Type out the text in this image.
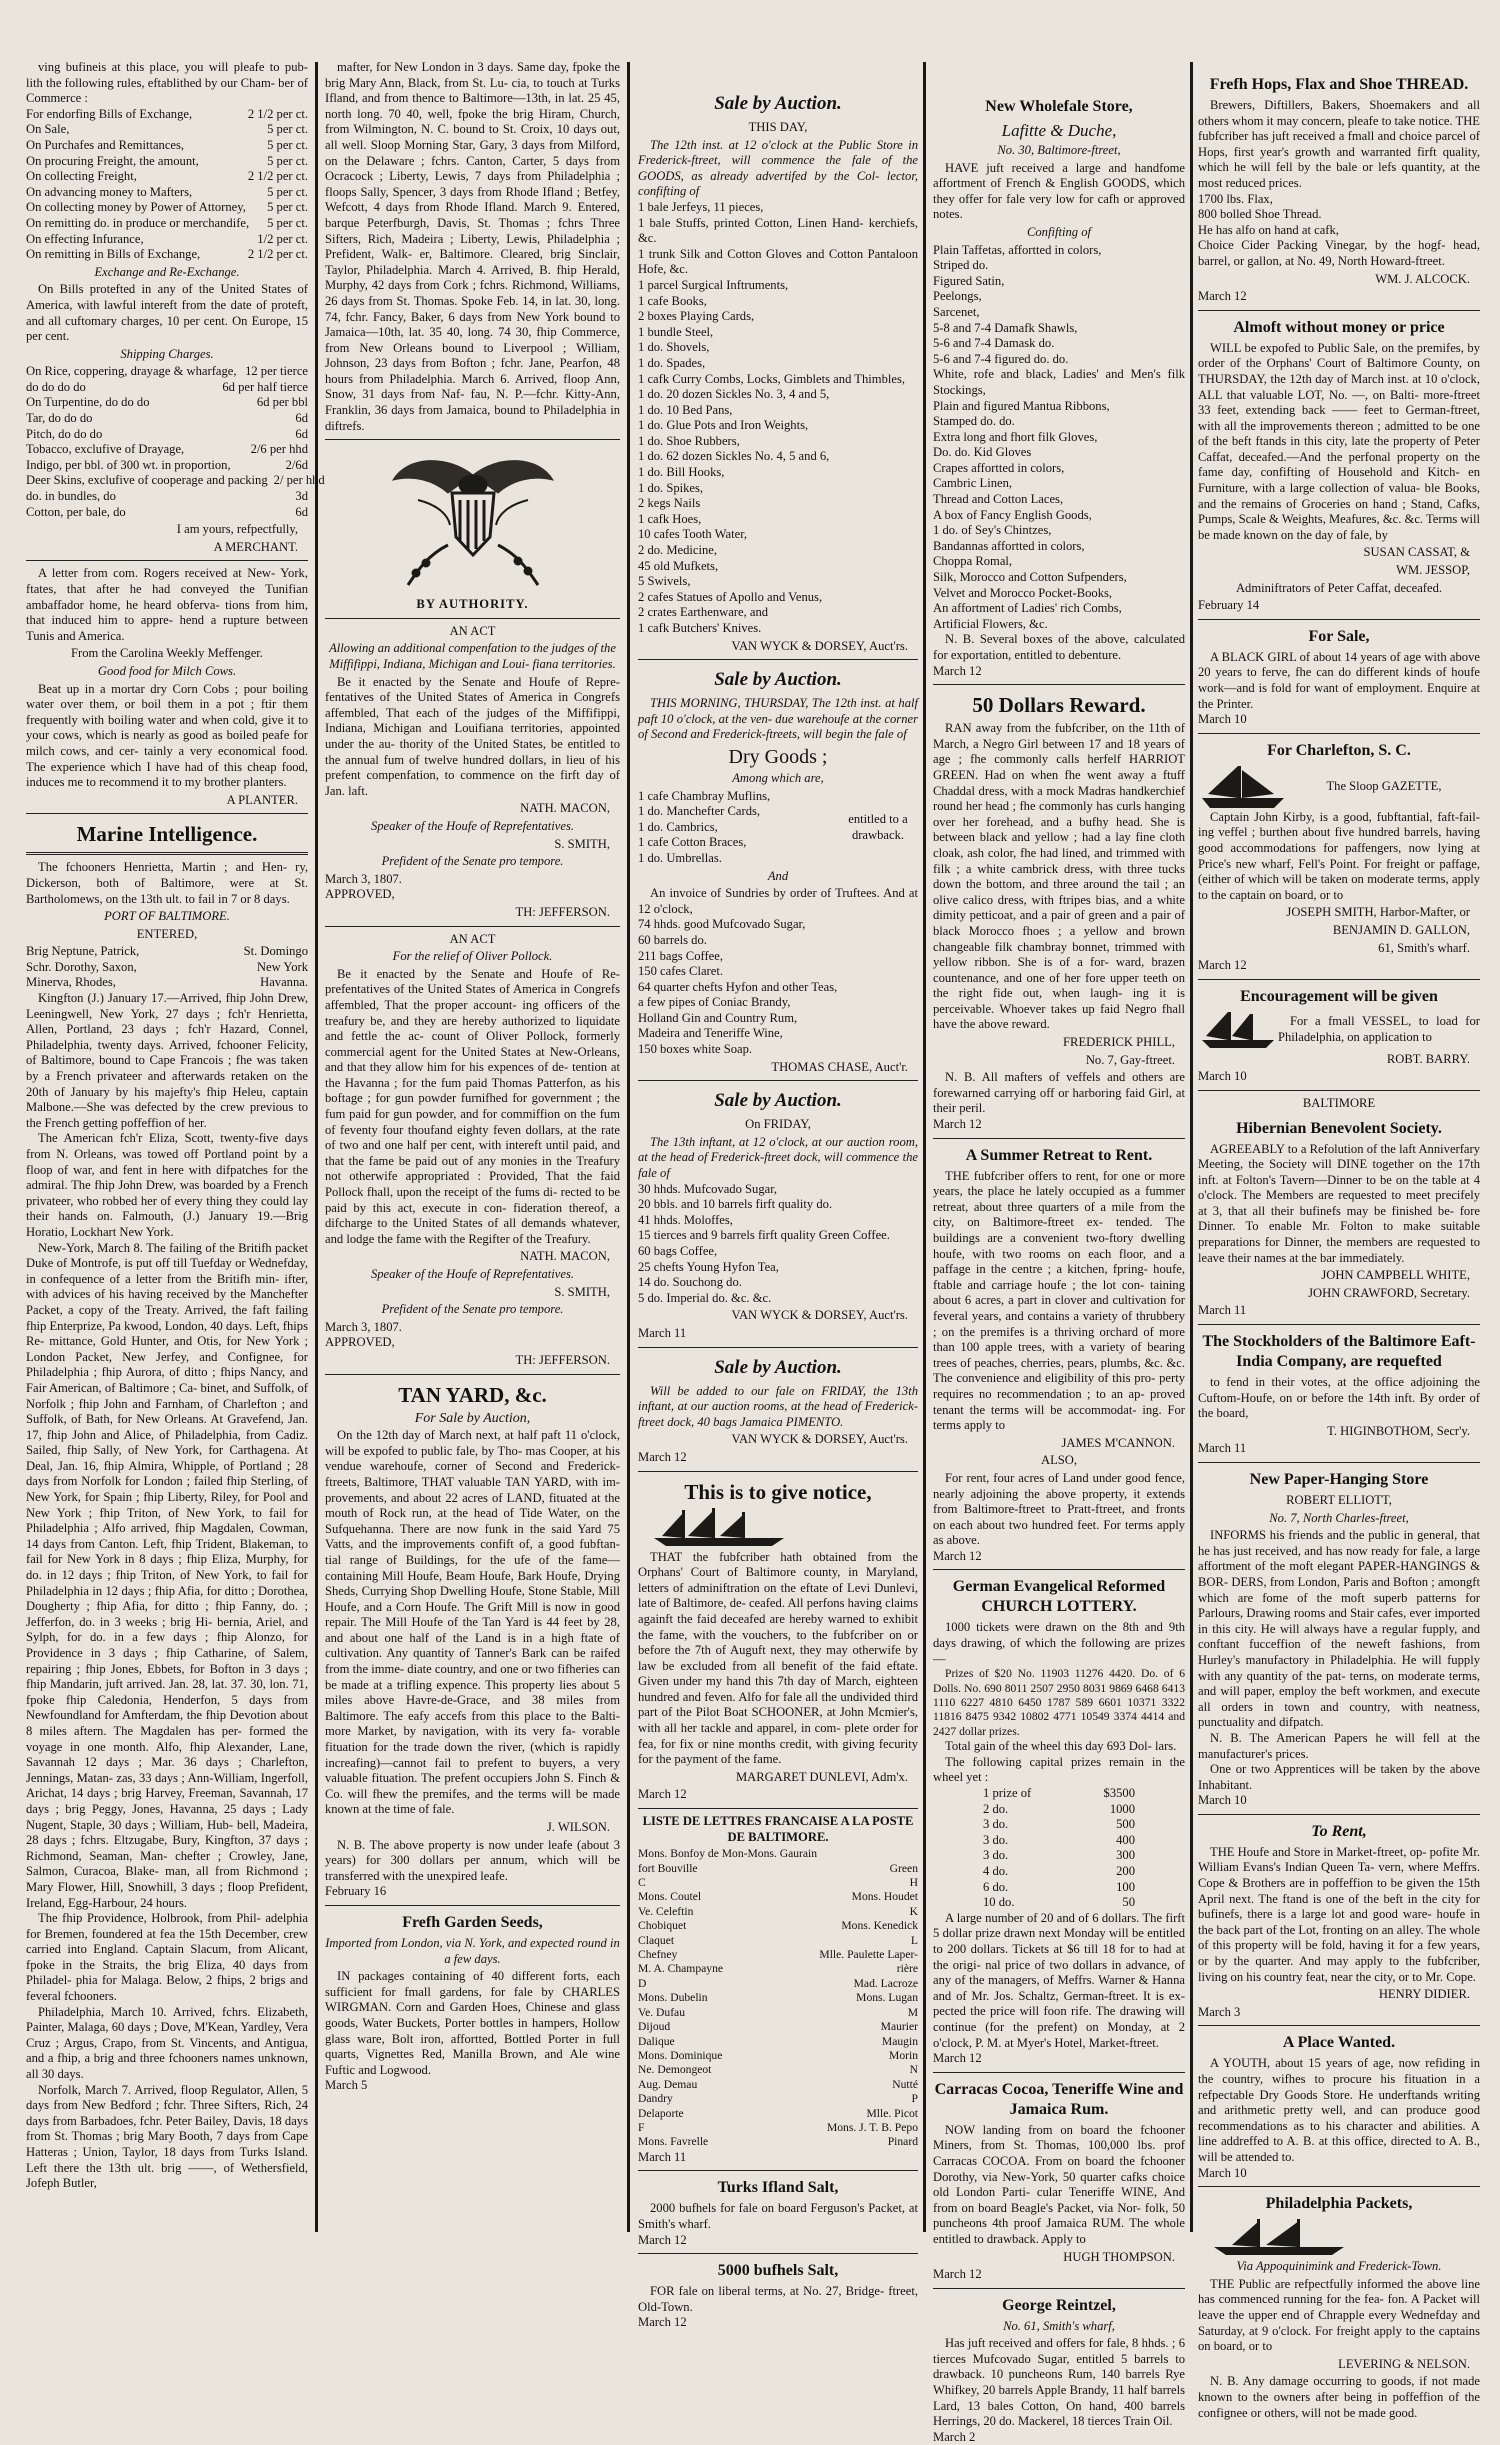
ving bufineis at this place, you will pleafe to pub- lith the following rules, eftablithed by our Cham- ber of Commerce :

For endorfing Bills of Exchange,	2 1/2 per ct.
On Sale,	5 per ct.
On Purchafes and Remittances,	5 per ct.
On procuring Freight, the amount,	5 per ct.
On collecting Freight,	2 1/2 per ct.
On advancing money to Mafters,	5 per ct.
On collecting money by Power of Attorney,	5 per ct.
On remitting do. in produce or merchandife,	5 per ct.
On effecting Infurance,	1/2 per ct.
On remitting in Bills of Exchange,	2 1/2 per ct.
Exchange and Re-Exchange.

On Bills protefted in any of the United States of America, with lawful intereft from the date of proteft, and all cuftomary charges, 10 per cent. On Europe, 15 per cent.

Shipping Charges.
On Rice, coppering, drayage & wharfage, 12 per tierce
do do do do	6d per half tierce
On Turpentine, do do do	6d per bbl
Tar, do do do	6d
Pitch, do do do	6d
Tobacco, exclufive of Drayage,	2/6 per hhd
Indigo, per bbl. of 300 wt. in proportion,	2/6d
Deer Skins, exclufive of cooperage and packing 2/ per hhd
do. in bundles, do	3d
Cotton, per bale, do	6d
I am yours, refpectfully,
A MERCHANT.

A letter from com. Rogers received at New- York, ftates, that after he had conveyed the Tunifian ambaffador home, he heard obferva- tions from him, that induced him to appre- hend a rupture between Tunis and America.

From the Carolina Weekly Meffenger.
Good food for Milch Cows.

Beat up in a mortar dry Corn Cobs ; pour boiling water over them, or boil them in a pot ; ftir them frequently with boiling water and when cold, give it to your cows, which is nearly as good as boiled peafe for milch cows, and cer- tainly a very economical food. The experience which I have had of this cheap food, induces me to recommend it to my brother planters.

A PLANTER.
Marine Intelligence.

The fchooners Henrietta, Martin ; and Hen- ry, Dickerson, both of Baltimore, were at St. Bartholomews, on the 13th ult. to fail in 7 or 8 days.

PORT OF BALTIMORE.
ENTERED,
Brig Neptune, Patrick,	St. Domingo
Schr. Dorothy, Saxon,	New York
Minerva, Rhodes,	Havanna.

Kingfton (J.) January 17.—Arrived, fhip John Drew, Leeningwell, New York, 27 days ; fch'r Henrietta, Allen, Portland, 23 days ; fch'r Hazard, Connel, Philadelphia, twenty days. Arrived, fchooner Felicity, of Baltimore, bound to Cape Francois ; fhe was taken by a French privateer and afterwards retaken on the 20th of January by his majefty's fhip Heleu, captain Malbone.—She was defected by the crew previous to the French getting poffeffion of her.

The American fch'r Eliza, Scott, twenty-five days from N. Orleans, was towed off Portland point by a floop of war, and fent in here with difpatches for the admiral. The fhip John Drew, was boarded by a French privateer, who robbed her of every thing they could lay their hands on. Falmouth, (J.) January 19.—Brig Horatio, Lockhart New York.

New-York, March 8. The failing of the Britifh packet Duke of Montrofe, is put off till Tuefday or Wednefday, in confequence of a letter from the Britifh min- ifter, with advices of his having received by the Manchefter Packet, a copy of the Treaty. Arrived, the faft failing fhip Enterprize, Pa kwood, London, 40 days. Left, fhips Re- mittance, Gold Hunter, and Otis, for New York ; London Packet, New Jerfey, and Confignee, for Philadelphia ; fhip Aurora, of ditto ; fhips Nancy, and Fair American, of Baltimore ; Ca- binet, and Suffolk, of Norfolk ; fhip John and Farnham, of Charlefton ; and Suffolk, of Bath, for New Orleans. At Gravefend, Jan. 17, fhip John and Alice, of Philadelphia, from Cadiz. Sailed, fhip Sally, of New York, for Carthagena. At Deal, Jan. 16, fhip Almira, Whipple, of Portland ; 28 days from Norfolk for London ; failed fhip Sterling, of New York, for Spain ; fhip Liberty, Riley, for Pool and New York ; fhip Triton, of New York, to fail for Philadelphia ; Alfo arrived, fhip Magdalen, Cowman, 14 days from Canton. Left, fhip Trident, Blakeman, to fail for New York in 8 days ; fhip Eliza, Murphy, for do. in 12 days ; fhip Triton, of New York, to fail for Philadelphia in 12 days ; fhip Afia, for ditto ; Dorothea, Dougherty ; fhip Afia, for ditto ; fhip Fanny, do. ; Jefferfon, do. in 3 weeks ; brig Hi- bernia, Ariel, and Sylph, for do. in a few days ; fhip Alonzo, for Providence in 3 days ; fhip Catharine, of Salem, repairing ; fhip Jones, Ebbets, for Bofton in 3 days ; fhip Mandarin, juft arrived. Jan. 28, lat. 37. 30, lon. 71, fpoke fhip Caledonia, Henderfon, 5 days from Newfoundland for Amfterdam, the fhip Devotion about 8 miles aftern. The Magdalen has per- formed the voyage in one month. Alfo, fhip Alexander, Lane, Savannah 12 days ; Mar. 36 days ; Charlefton, Jennings, Matan- zas, 33 days ; Ann-William, Ingerfoll, Arichat, 14 days ; brig Harvey, Freeman, Savannah, 17 days ; brig Peggy, Jones, Havanna, 25 days ; Lady Nugent, Staple, 30 days ; William, Hub- bell, Madeira, 28 days ; fchrs. Eltzugabe, Bury, Kingfton, 37 days ; Richmond, Seaman, Man- chefter ; Crowley, Jane, Salmon, Curacoa, Blake- man, all from Richmond ; Mary Flower, Hill, Snowhill, 3 days ; floop Prefident, Ireland, Egg-Harbour, 24 hours.

The fhip Providence, Holbrook, from Phil- adelphia for Bremen, foundered at fea the 15th December, crew carried into England. Captain Slacum, from Alicant, fpoke in the Straits, the brig Eliza, 40 days from Philadel- phia for Malaga. Below, 2 fhips, 2 brigs and feveral fchooners.

Philadelphia, March 10. Arrived, fchrs. Elizabeth, Painter, Malaga, 60 days ; Dove, M'Kean, Yardley, Vera Cruz ; Argus, Crapo, from St. Vincents, and Antigua, and a fhip, a brig and three fchooners names unknown, all 30 days.

Norfolk, March 7. Arrived, floop Regulator, Allen, 5 days from New Bedford ; fchr. Three Sifters, Rich, 24 days from Barbadoes, fchr. Peter Bailey, Davis, 18 days from St. Thomas ; brig Mary Booth, 7 days from Cape Hatteras ; Union, Taylor, 18 days from Turks Island. Left there the 13th ult. brig ——, of Wethersfield, Jofeph Butler,

mafter, for New London in 3 days. Same day, fpoke the brig Mary Ann, Black, from St. Lu- cia, to touch at Turks Ifland, and from thence to Baltimore—13th, in lat. 25 45, north long. 70 40, well, fpoke the brig Hiram, Church, from Wilmington, N. C. bound to St. Croix, 10 days out, all well. Sloop Morning Star, Gary, 3 days from Milford, on the Delaware ; fchrs. Canton, Carter, 5 days from Ocracock ; Liberty, Lewis, 7 days from Philadelphia ; floops Sally, Spencer, 3 days from Rhode Ifland ; Betfey, Wefcott, 4 days from Rhode Ifland. March 9. Entered, barque Peterfburgh, Davis, St. Thomas ; fchrs Three Sifters, Rich, Madeira ; Liberty, Lewis, Philadelphia ; Prefident, Walk- er, Baltimore. Cleared, brig Sinclair, Taylor, Philadelphia. March 4. Arrived, B. fhip Herald, Murphy, 42 days from Cork ; fchrs. Richmond, Williams, 26 days from St. Thomas. Spoke Feb. 14, in lat. 30, long. 74, fchr. Fancy, Baker, 6 days from New York bound to Jamaica—10th, lat. 35 40, long. 74 30, fhip Commerce, from New Orleans bound to Liverpool ; William, Johnson, 23 days from Bofton ; fchr. Jane, Pearfon, 48 hours from Philadelphia. March 6. Arrived, floop Ann, Snow, 31 days from Naf- fau, N. P.—fchr. Kitty-Ann, Franklin, 36 days from Jamaica, bound to Philadelphia in diftrefs.

BY AUTHORITY.
AN ACT
Allowing an additional compenfation to the judges of the Miffifippi, Indiana, Michigan and Loui- fiana territories.

Be it enacted by the Senate and Houfe of Repre- fentatives of the United States of America in Congrefs affembled, That each of the judges of the Miffifippi, Indiana, Michigan and Louifiana territories, appointed under the au- thority of the United States, be entitled to the annual fum of twelve hundred dollars, in lieu of his prefent compenfation, to commence on the firft day of Jan. laft.

NATH. MACON,
Speaker of the Houfe of Reprefentatives.
S. SMITH,
Prefident of the Senate pro tempore.
March 3, 1807.
APPROVED,
TH: JEFFERSON.
AN ACT
For the relief of Oliver Pollock.

Be it enacted by the Senate and Houfe of Re- prefentatives of the United States of America in Congrefs affembled, That the proper account- ing officers of the treafury be, and they are hereby authorized to liquidate and fettle the ac- count of Oliver Pollock, formerly commercial agent for the United States at New-Orleans, and that they allow him for his expences of de- tention at the Havanna ; for the fum paid Thomas Patterfon, as his boftage ; for gun powder furnifhed for government ; the fum paid for gun powder, and for commiffion on the fum of feventy four thoufand eighty feven dollars, at the rate of two and one half per cent, with intereft until paid, and that the fame be paid out of any monies in the Treafury not otherwife appropriated : Provided, That the faid Pollock fhall, upon the receipt of the fums di- rected to be paid by this act, execute in con- fideration thereof, a difcharge to the United States of all demands whatever, and lodge the fame with the Regifter of the Treafury.

NATH. MACON,
Speaker of the Houfe of Reprefentatives.
S. SMITH,
Prefident of the Senate pro tempore.
March 3, 1807.
APPROVED,
TH: JEFFERSON.
TAN YARD, &c.
For Sale by Auction,

On the 12th day of March next, at half paft 11 o'clock, will be expofed to public fale, by Tho- mas Cooper, at his vendue warehoufe, corner of Second and Frederick-ftreets, Baltimore, THAT valuable TAN YARD, with im- provements, and about 22 acres of LAND, fituated at the mouth of Rock run, at the head of Tide Water, on the Sufquehanna. There are now funk in the said Yard 75 Vatts, and the improvements confift of, a good fubftan- tial range of Buildings, for the ufe of the fame—containing Mill Houfe, Beam Houfe, Bark Houfe, Drying Sheds, Currying Shop Dwelling Houfe, Stone Stable, Mill Houfe, and a Corn Houfe. The Grift Mill is now in good repair. The Mill Houfe of the Tan Yard is 44 feet by 28, and about one half of the Land is in a high ftate of cultivation. Any quantity of Tanner's Bark can be raifed from the imme- diate country, and one or two fifheries can be made at a trifling expence. This property lies about 5 miles above Havre-de-Grace, and 38 miles from Baltimore. The eafy accefs from this place to the Balti- more Market, by navigation, with its very fa- vorable fituation for the trade down the river, (which is rapidly increafing)—cannot fail to prefent to buyers, a very valuable fituation. The prefent occupiers John S. Finch & Co. will fhew the premifes, and the terms will be made known at the time of fale.

J. WILSON.

N. B. The above property is now under leafe (about 3 years) for 300 dollars per annum, which will be transferred with the unexpired leafe.

February 16
Frefh Garden Seeds,
Imported from London, via N. York, and expected round in a few days.

IN packages containing of 40 different forts, each sufficient for fmall gardens, for fale by CHARLES WIRGMAN. Corn and Garden Hoes, Chinese and glass goods, Water Buckets, Porter bottles in hampers, Hollow glass ware, Bolt iron, affortted, Bottled Porter in full quarts, Vignettes Red, Manilla Brown, and Ale wine Fuftic and Logwood.

March 5
Sale by Auction.
THIS DAY,

The 12th inst. at 12 o'clock at the Public Store in Frederick-ftreet, will commence the fale of the GOODS, as already advertifed by the Col- lector, confifting of

1 bale Jerfeys, 11 pieces,
1 bale Stuffs, printed Cotton, Linen Hand- kerchiefs, &c.
1 trunk Silk and Cotton Gloves and Cotton Pantaloon Hofe, &c.
1 parcel Surgical Inftruments,
1 cafe Books,
2 boxes Playing Cards,
1 bundle Steel,
1 do. Shovels,
1 do. Spades,
1 cafk Curry Combs, Locks, Gimblets and Thimbles,
1 do. 20 dozen Sickles No. 3, 4 and 5,
1 do. 10 Bed Pans,
1 do. Glue Pots and Iron Weights,
1 do. Shoe Rubbers,
1 do. 62 dozen Sickles No. 4, 5 and 6,
1 do. Bill Hooks,
1 do. Spikes,
2 kegs Nails
1 cafk Hoes,
10 cafes Tooth Water,
2 do. Medicine,
45 old Mufkets,
5 Swivels,
2 cafes Statues of Apollo and Venus,
2 crates Earthenware, and
1 cafk Butchers' Knives.
VAN WYCK & DORSEY, Auct'rs.
Sale by Auction.

THIS MORNING, THURSDAY, The 12th inst. at half paft 10 o'clock, at the ven- due warehoufe at the corner of Second and Frederick-ftreets, will begin the fale of

Dry Goods ;
Among which are,
1 cafe Chambray Muflins,
1 do. Manchefter Cards,
1 do. Cambrics,
1 cafe Cotton Braces,
1 do. Umbrellas.
entitled to a drawback.
And

An invoice of Sundries by order of Truftees. And at 12 o'clock,

74 hhds. good Mufcovado Sugar,
60 barrels do.
211 bags Coffee,
150 cafes Claret.
64 quarter chefts Hyfon and other Teas,
a few pipes of Coniac Brandy,
Holland Gin and Country Rum,
Madeira and Teneriffe Wine,
150 boxes white Soap.
THOMAS CHASE, Auct'r.
Sale by Auction.
On FRIDAY,

The 13th inftant, at 12 o'clock, at our auction room, at the head of Frederick-ftreet dock, will commence the fale of

30 hhds. Mufcovado Sugar,
20 bbls. and 10 barrels firft quality do.
41 hhds. Moloffes,
15 tierces and 9 barrels firft quality Green Coffee.
60 bags Coffee,
25 chefts Young Hyfon Tea,
14 do. Souchong do.
5 do. Imperial do. &c. &c.
VAN WYCK & DORSEY, Auct'rs.
March 11
Sale by Auction.

Will be added to our fale on FRIDAY, the 13th inftant, at our auction rooms, at the head of Frederick-ftreet dock, 40 bags Jamaica PIMENTO.

VAN WYCK & DORSEY, Auct'rs.
March 12
This is to give notice,

THAT the fubfcriber hath obtained from the Orphans' Court of Baltimore county, in Maryland, letters of adminiftration on the eftate of Levi Dunlevi, late of Baltimore, de- ceafed. All perfons having claims againft the faid deceafed are hereby warned to exhibit the fame, with the vouchers, to the fubfcriber on or before the 7th of Auguft next, they may otherwife by law be excluded from all benefit of the faid eftate. Given under my hand this 7th day of March, eighteen hundred and feven. Alfo for fale all the undivided third part of the Pilot Boat SCHOONER, at John Mcmier's, with all her tackle and apparel, in com- plete order for fea, for fix or nine months credit, with giving fecurity for the payment of the fame.

MARGARET DUNLEVI, Adm'x.
March 12
LISTE DE LETTRES FRANCAISE A LA POSTE DE BALTIMORE.
Mons. Bonfoy de Mon-Mons. Gaurain
fort Bouville	Green
C	H
Mons. Coutel	Mons. Houdet
Ve. Celeftin	K
Chobiquet	Mons. Kenedick
Claquet	L
Chefney	Mlle. Paulette Laper-
M. A. Champayne	rière
D	Mad. Lacroze
Mons. Dubelin	Mons. Lugan
Ve. Dufau	M
Dijoud	Maurier
Dalique	Maugin
Mons. Dominique	Morin
Ne. Demongeot	N
Aug. Demau	Nutté
Dandry	P
Delaporte	Mlle. Picot
F	Mons. J. T. B. Pepo
Mons. Favrelle	Pinard
March 11
Turks Ifland Salt,

2000 bufhels for fale on board Ferguson's Packet, at Smith's wharf.

March 12
5000 bufhels Salt,

FOR fale on liberal terms, at No. 27, Bridge- ftreet, Old-Town.

March 12
New Wholefale Store,
Lafitte & Duche,
No. 30, Baltimore-ftreet,

HAVE juft received a large and handfome affortment of French & English GOODS, which they offer for fale very low for cafh or approved notes.

Confifting of
Plain Taffetas, affortted in colors,
Striped do.
Figured Satin,
Peelongs,
Sarcenet,
5-8 and 7-4 Damafk Shawls,
5-6 and 7-4 Damask do.
5-6 and 7-4 figured do. do.
White, rofe and black, Ladies' and Men's filk Stockings,
Plain and figured Mantua Ribbons,
Stamped do. do.
Extra long and fhort filk Gloves,
Do. do. Kid Gloves
Crapes affortted in colors,
Cambric Linen,
Thread and Cotton Laces,
A box of Fancy English Goods,
1 do. of Sey's Chintzes,
Bandannas affortted in colors,
Choppa Romal,
Silk, Morocco and Cotton Sufpenders,
Velvet and Morocco Pocket-Books,
An affortment of Ladies' rich Combs,
Artificial Flowers, &c.

N. B. Several boxes of the above, calculated for exportation, entitled to debenture.

March 12
50 Dollars Reward.

RAN away from the fubfcriber, on the 11th of March, a Negro Girl between 17 and 18 years of age ; fhe commonly calls herfelf HARRIOT GREEN. Had on when fhe went away a ftuff Chaddal dress, with a mock Madras handkerchief round her head ; fhe commonly has curls hanging over her forehead, and a bufhy head. She is between black and yellow ; had a lay fine cloth cloak, ash color, fhe had lined, and trimmed with filk ; a white cambrick dress, with three tucks down the bottom, and three around the tail ; an olive calico dress, with ftripes bias, and a white dimity petticoat, and a pair of green and a pair of black Morocco fhoes ; a yellow and brown changeable filk chambray bonnet, trimmed with yellow ribbon. She is of a for- ward, brazen countenance, and one of her fore upper teeth on the right fide out, when laugh- ing it is perceivable. Whoever takes up faid Negro fhall have the above reward.

FREDERICK PHILL,
No. 7, Gay-ftreet.

N. B. All mafters of veffels and others are forewarned carrying off or harboring faid Girl, at their peril.

March 12
A Summer Retreat to Rent.

THE fubfcriber offers to rent, for one or more years, the place he lately occupied as a fummer retreat, about three quarters of a mile from the city, on Baltimore-ftreet ex- tended. The buildings are a convenient two-ftory dwelling houfe, with two rooms on each floor, and a paffage in the centre ; a kitchen, fpring- houfe, ftable and carriage houfe ; the lot con- taining about 6 acres, a part in clover and cultivation for feveral years, and contains a variety of thrubbery ; on the premifes is a thriving orchard of more than 100 apple trees, with a variety of bearing trees of peaches, cherries, pears, plumbs, &c. &c. The convenience and eligibility of this pro- perty requires no recommendation ; to an ap- proved tenant the terms will be accommodat- ing. For terms apply to

JAMES M'CANNON.
ALSO,

For rent, four acres of Land under good fence, nearly adjoining the above property, it extends from Baltimore-ftreet to Pratt-ftreet, and fronts on each about two hundred feet. For terms apply as above.

March 12
German Evangelical Reformed CHURCH LOTTERY.

1000 tickets were drawn on the 8th and 9th days drawing, of which the following are prizes—

Prizes of $20 No. 11903 11276 4420. Do. of 6 Dolls. No. 690 8011 2507 2950 8031 9869 6468 6413 1110 6227 4810 6450 1787 589 6601 10371 3322 11816 8475 9342 10802 4771 10549 3374 4414 and 2427 dollar prizes.

Total gain of the wheel this day 693 Dol- lars.

The following capital prizes remain in the wheel yet :

1 prize of	$3500
2 do.	1000
3 do.	500
3 do.	400
3 do.	300
4 do.	200
6 do.	100
10 do.	50

A large number of 20 and of 6 dollars. The firft 5 dollar prize drawn next Monday will be entitled to 200 dollars. Tickets at $6 till 18 for to had at the origi- nal price of two dollars in advance, of any of the managers, of Meffrs. Warner & Hanna and of Mr. Jos. Schaltz, German-ftreet. It is ex- pected the price will foon rife. The drawing will continue (for the prefent) on Monday, at 2 o'clock, P. M. at Myer's Hotel, Market-ftreet.

March 12
Carracas Cocoa, Teneriffe Wine and Jamaica Rum.

NOW landing from on board the fchooner Miners, from St. Thomas, 100,000 lbs. prof Carracas COCOA. From on board the fchooner Dorothy, via New-York, 50 quarter cafks choice old London Parti- cular Teneriffe WINE, And from on board Beagle's Packet, via Nor- folk, 50 puncheons 4th proof Jamaica RUM. The whole entitled to drawback. Apply to

HUGH THOMPSON.
March 12
George Reintzel,
No. 61, Smith's wharf,

Has juft received and offers for fale, 8 hhds. ; 6 tierces Mufcovado Sugar, entitled 5 barrels to drawback. 10 puncheons Rum, 140 barrels Rye Whifkey, 20 barrels Apple Brandy, 11 half barrels Lard, 13 bales Cotton, On hand, 400 barrels Herrings, 20 do. Mackerel, 18 tierces Train Oil.

March 2
Frefh Hops, Flax and Shoe THREAD.

Brewers, Diftillers, Bakers, Shoemakers and all others whom it may concern, pleafe to take notice. THE fubfcriber has juft received a fmall and choice parcel of Hops, first year's growth and warranted firft quality, which he will fell by the bale or lefs quantity, at the most reduced prices.

1700 lbs. Flax,
800 bolled Shoe Thread.
He has alfo on hand at cafk,
Choice Cider Packing Vinegar, by the hogf- head, barrel, or gallon, at No. 49, North Howard-ftreet.
WM. J. ALCOCK.
March 12
Almoft without money or price

WILL be expofed to Public Sale, on the premifes, by order of the Orphans' Court of Baltimore County, on THURSDAY, the 12th day of March inst. at 10 o'clock, ALL that valuable LOT, No. —, on Balti- more-ftreet 33 feet, extending back —— feet to German-ftreet, with all the improvements thereon ; admitted to be one of the beft ftands in this city, late the property of Peter Caffat, deceafed.—And the perfonal property on the fame day, confifting of Household and Kitch- en Furniture, with a large collection of valua- ble Books, and the remains of Groceries on hand ; Stand, Cafks, Pumps, Scale & Weights, Meafures, &c. &c. Terms will be made known on the day of fale, by

SUSAN CASSAT, &
WM. JESSOP,
Adminiftrators of Peter Caffat, deceafed.
February 14
For Sale,

A BLACK GIRL of about 14 years of age with above 20 years to ferve, fhe can do different kinds of houfe work—and is fold for want of employment. Enquire at the Printer.

March 10
For Charlefton, S. C.
The Sloop GAZETTE,

Captain John Kirby, is a good, fubftantial, faft-fail- ing veffel ; burthen about five hundred barrels, having good accommodations for paffengers, now lying at Price's new wharf, Fell's Point. For freight or paffage, (either of which will be taken on moderate terms, apply to the captain on board, or to

JOSEPH SMITH, Harbor-Mafter, or
BENJAMIN D. GALLON,
61, Smith's wharf.
March 12
Encouragement will be given

For a fmall VESSEL, to load for Philadelphia, on application to

ROBT. BARRY.
March 10
BALTIMORE
Hibernian Benevolent Society.

AGREEABLY to a Refolution of the laft Anniverfary Meeting, the Society will DINE together on the 17th inft. at Folton's Tavern—Dinner to be on the table at 4 o'clock. The Members are requested to meet precifely at 3, that all their bufinefs may be finished be- fore Dinner. To enable Mr. Folton to make suitable preparations for Dinner, the members are requested to leave their names at the bar immediately.

JOHN CAMPBELL WHITE,
JOHN CRAWFORD, Secretary.
March 11
The Stockholders of the Baltimore Eaft-India Company, are requefted

to fend in their votes, at the office adjoining the Cuftom-Houfe, on or before the 14th inft. By order of the board,

T. HIGINBOTHOM, Secr'y.
March 11
New Paper-Hanging Store
ROBERT ELLIOTT,
No. 7, North Charles-ftreet,

INFORMS his friends and the public in general, that he has just received, and has now ready for fale, a large affortment of the moft elegant PAPER-HANGINGS & BOR- DERS, from London, Paris and Bofton ; amongft which are fome of the moft superb patterns for Parlours, Drawing rooms and Stair cafes, ever imported in this city. He will always have a regular fupply, and conftant fucceffion of the neweft fashions, from Hurley's manufactory in Philadelphia. He will fupply with any quantity of the pat- terns, on moderate terms, and will paper, employ the beft workmen, and execute all orders in town and country, with neatness, punctuality and difpatch.

N. B. The American Papers he will fell at the manufacturer's prices.

One or two Apprentices will be taken by the above Inhabitant.

March 10
To Rent,

THE Houfe and Store in Market-ftreet, op- pofite Mr. William Evans's Indian Queen Ta- vern, where Meffrs. Cope & Brothers are in poffeffion to be given the 15th April next. The ftand is one of the beft in the city for bufinefs, there is a large lot and good ware- houfe in the back part of the Lot, fronting on an alley. The whole of this property will be fold, having it for a few years, or by the quarter. And may apply to the fubfcriber, living on his country feat, near the city, or to Mr. Cope.

HENRY DIDIER.
March 3
A Place Wanted.

A YOUTH, about 15 years of age, now refiding in the country, wifhes to procure his fituation in a refpectable Dry Goods Store. He underftands writing and arithmetic pretty well, and can produce good recommendations as to his character and abilities. A line addreffed to A. B. at this office, directed to A. B., will be attended to.

March 10
Philadelphia Packets,
Via Appoquinimink and Frederick-Town.

THE Public are refpectfully informed the above line has commenced running for the fea- fon. A Packet will leave the upper end of Chrapple every Wednefday and Saturday, at 9 o'clock. For freight apply to the captains on board, or to

LEVERING & NELSON.

N. B. Any damage occurring to goods, if not made known to the owners after being in poffeffion of the confignee or others, will not be made good.
